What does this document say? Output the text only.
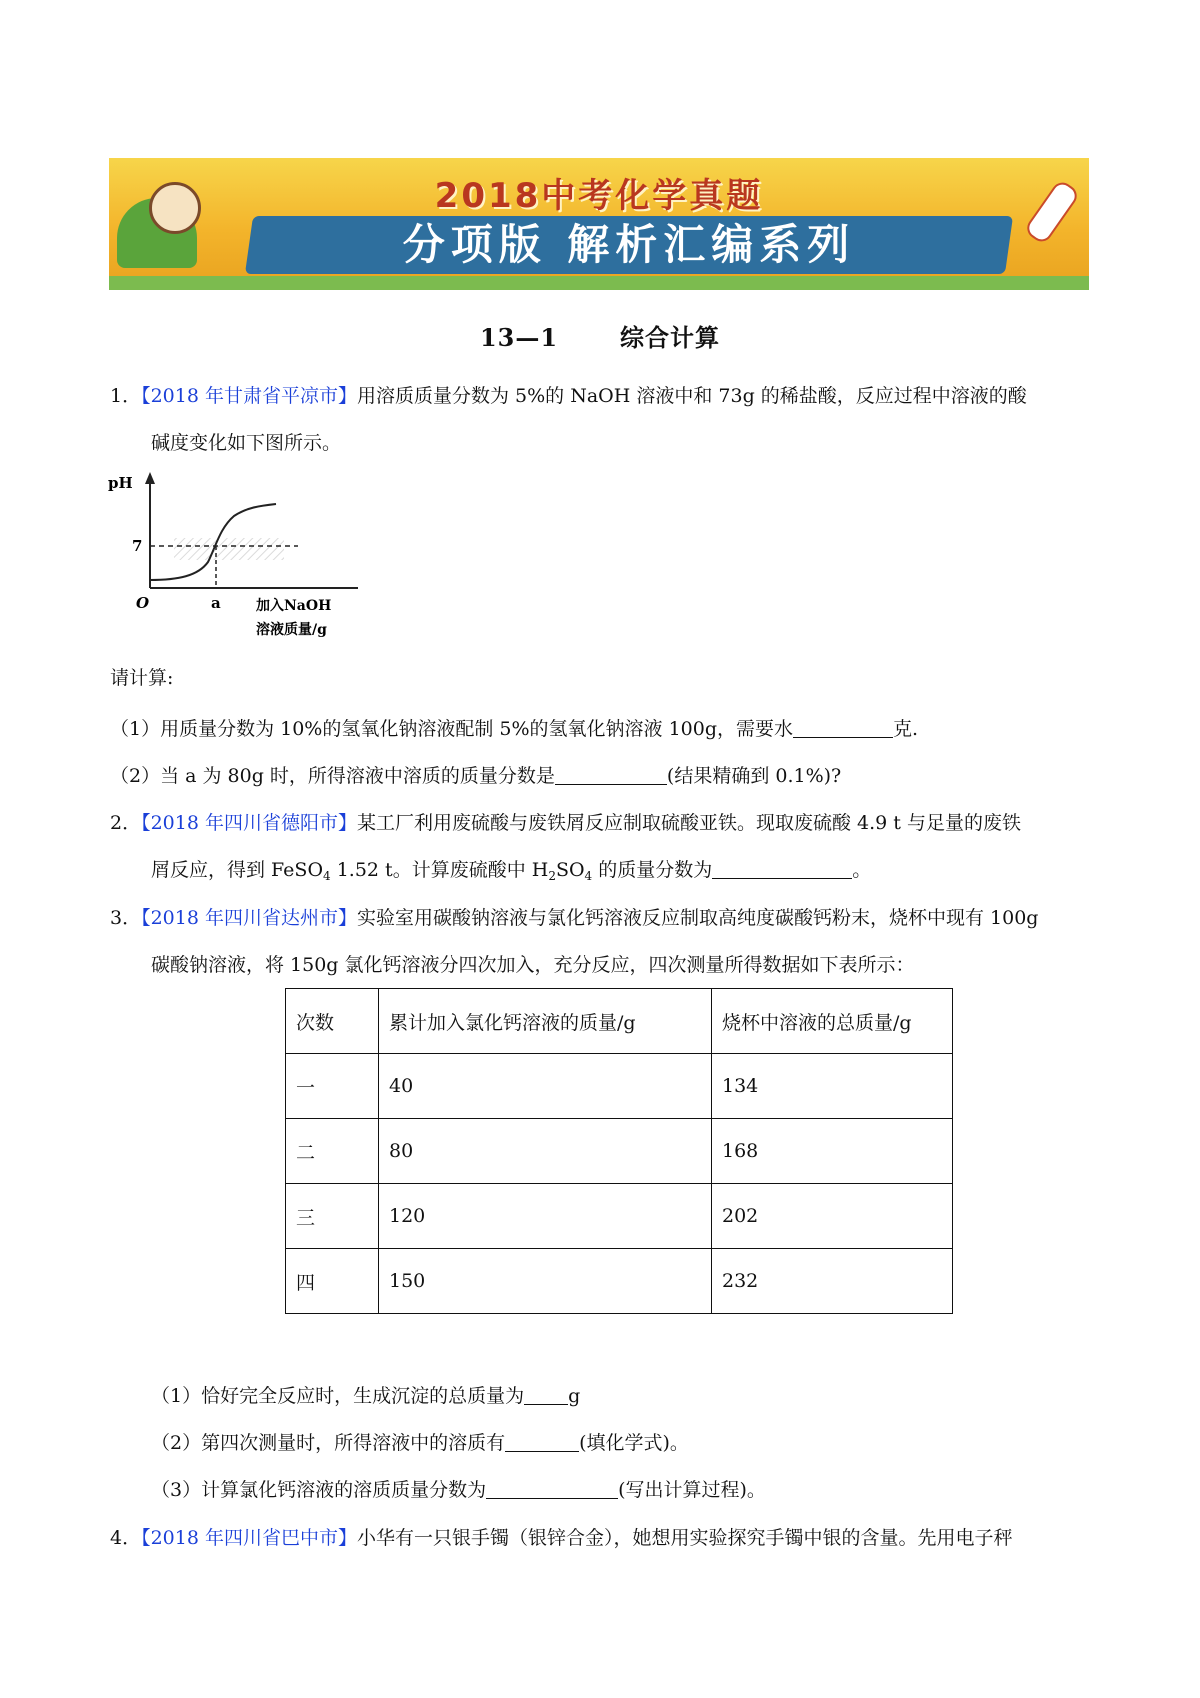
2018中考化学真题
分项版 解析汇编系列
13—1	综合计算
1．【2018 年甘肃省平凉市】用溶质质量分数为 5%的 NaOH 溶液中和 73g 的稀盐酸，反应过程中溶液的酸
碱度变化如下图所示。
pH
7
O	a	加入NaOH
溶液质量/g
请计算:
（1）用质量分数为 10%的氢氧化钠溶液配制 5%的氢氧化钠溶液 100g，需要水	克.
（2）当 a 为 80g 时，所得溶液中溶质的质量分数是	(结果精确到 0.1%)?
2．【2018 年四川省德阳市】某工厂利用废硫酸与废铁屑反应制取硫酸亚铁。现取废硫酸 4.9 t 与足量的废铁
屑反应，得到 FeSO$_4$ 1.52 t。计算废硫酸中 $H_2SO_4$ 的质量分数为	。
3．【2018 年四川省达州市】实验室用碳酸钠溶液与氯化钙溶液反应制取高纯度碳酸钙粉末，烧杯中现有 100g
碳酸钠溶液，将 150g 氯化钙溶液分四次加入，充分反应，四次测量所得数据如下表所示：
次数	累计加入氯化钙溶液的质量/g	烧杯中溶液的总质量/g
一	40	134
二	80	168
三	120	202
四	150	232
（1）恰好完全反应时，生成沉淀的总质量为 g
（2）第四次测量时，所得溶液中的溶质有	(填化学式)。
（3）计算氯化钙溶液的溶质质量分数为	(写出计算过程)。
4．【2018 年四川省巴中市】小华有一只银手镯（银锌合金），她想用实验探究手镯中银的含量。先用电子秤
